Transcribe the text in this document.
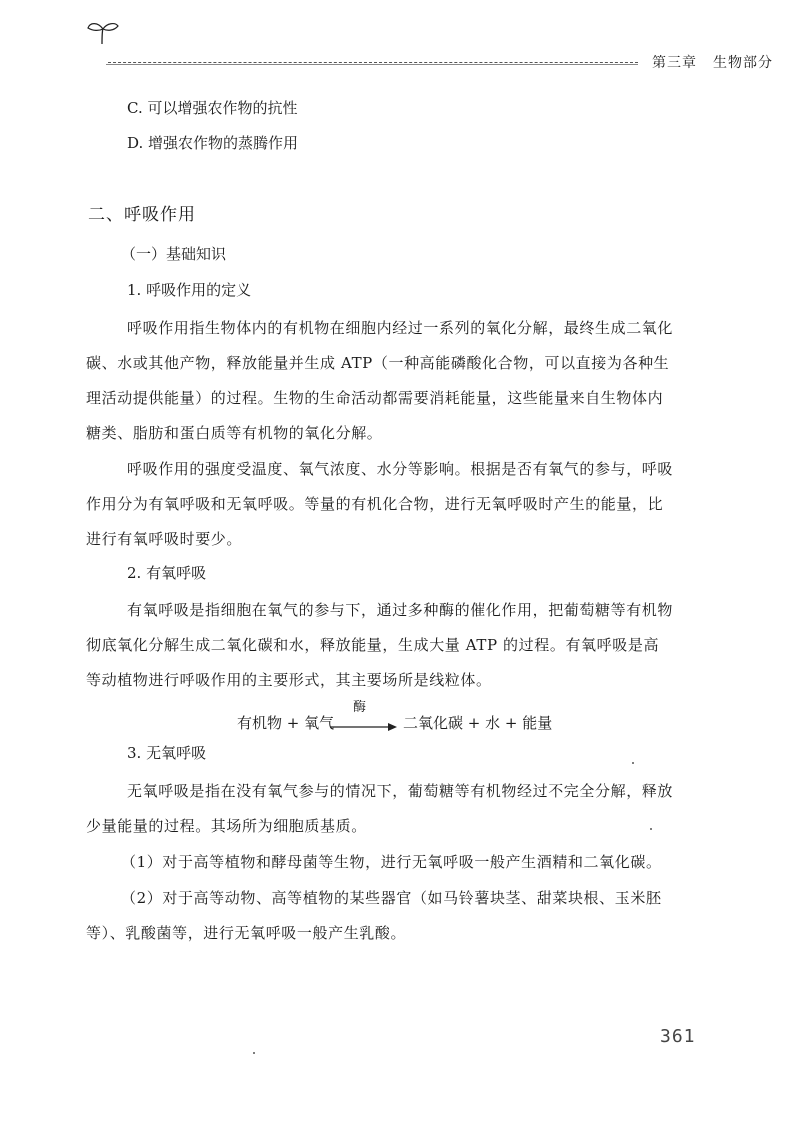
第三章 生物部分
C. 可以增强农作物的抗性
D. 增强农作物的蒸腾作用
二、呼吸作用
（一）基础知识
1. 呼吸作用的定义
呼吸作用指生物体内的有机物在细胞内经过一系列的氧化分解，最终生成二氧化
碳、水或其他产物，释放能量并生成 ATP（一种高能磷酸化合物，可以直接为各种生
理活动提供能量）的过程。生物的生命活动都需要消耗能量，这些能量来自生物体内
糖类、脂肪和蛋白质等有机物的氧化分解。
呼吸作用的强度受温度、氧气浓度、水分等影响。根据是否有氧气的参与，呼吸
作用分为有氧呼吸和无氧呼吸。等量的有机化合物，进行无氧呼吸时产生的能量，比
进行有氧呼吸时要少。
2. 有氧呼吸
有氧呼吸是指细胞在氧气的参与下，通过多种酶的催化作用，把葡萄糖等有机物
彻底氧化分解生成二氧化碳和水，释放能量，生成大量 ATP 的过程。有氧呼吸是高
等动植物进行呼吸作用的主要形式，其主要场所是线粒体。
有机物 + 氧气
酶
二氧化碳 + 水 + 能量
3. 无氧呼吸
无氧呼吸是指在没有氧气参与的情况下，葡萄糖等有机物经过不完全分解，释放
少量能量的过程。其场所为细胞质基质。
（1）对于高等植物和酵母菌等生物，进行无氧呼吸一般产生酒精和二氧化碳。
（2）对于高等动物、高等植物的某些器官（如马铃薯块茎、甜菜块根、玉米胚
等）、乳酸菌等，进行无氧呼吸一般产生乳酸。
361
